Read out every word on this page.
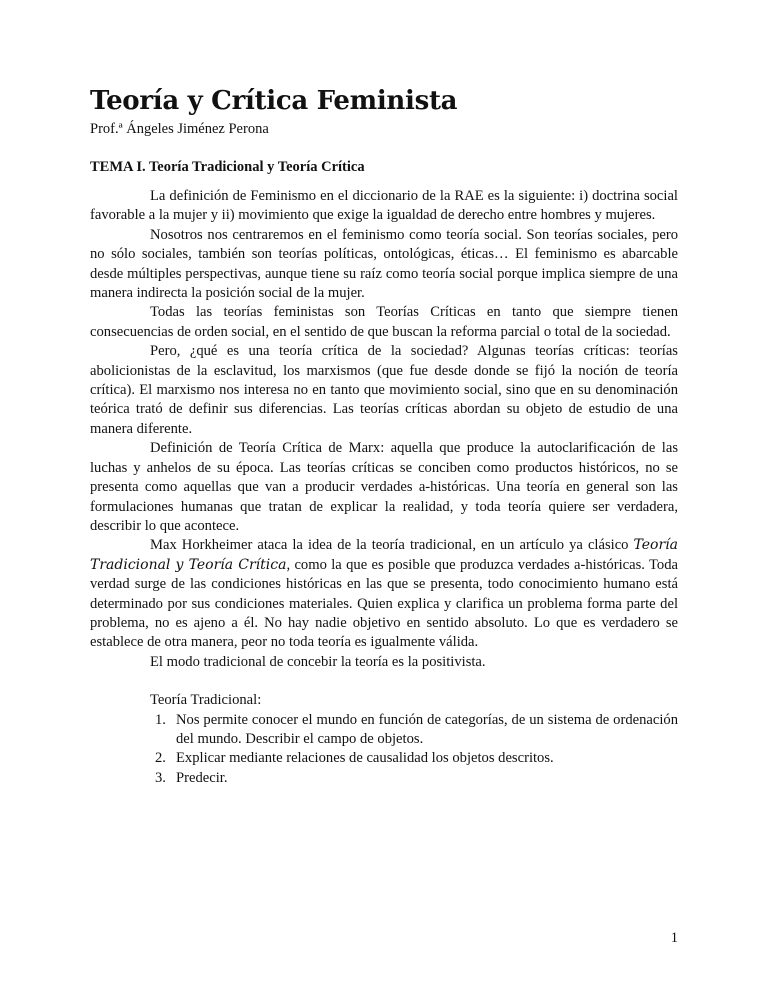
Teoría y Crítica Feminista

Prof.ª Ángeles Jiménez Perona

TEMA I. Teoría Tradicional y Teoría Crítica

La definición de Feminismo en el diccionario de la RAE es la siguiente: i) doctrina social favorable a la mujer y ii) movimiento que exige la igualdad de derecho entre hombres y mujeres.

Nosotros nos centraremos en el feminismo como teoría social. Son teorías sociales, pero no sólo sociales, también son teorías políticas, ontológicas, éticas… El feminismo es abarcable desde múltiples perspectivas, aunque tiene su raíz como teoría social porque implica siempre de una manera indirecta la posición social de la mujer.

Todas las teorías feministas son Teorías Críticas en tanto que siempre tienen consecuencias de orden social, en el sentido de que buscan la reforma parcial o total de la sociedad.

Pero, ¿qué es una teoría crítica de la sociedad? Algunas teorías críticas: teorías abolicionistas de la esclavitud, los marxismos (que fue desde donde se fijó la noción de teoría crítica). El marxismo nos interesa no en tanto que movimiento social, sino que en su denominación teórica trató de definir sus diferencias. Las teorías críticas abordan su objeto de estudio de una manera diferente.

Definición de Teoría Crítica de Marx: aquella que produce la autoclarificación de las luchas y anhelos de su época. Las teorías críticas se conciben como productos históricos, no se presenta como aquellas que van a producir verdades a-históricas. Una teoría en general son las formulaciones humanas que tratan de explicar la realidad, y toda teoría quiere ser verdadera, describir lo que acontece.

Max Horkheimer ataca la idea de la teoría tradicional, en un artículo ya clásico Teoría Tradicional y Teoría Crítica, como la que es posible que produzca verdades a-históricas. Toda verdad surge de las condiciones históricas en las que se presenta, todo conocimiento humano está determinado por sus condiciones materiales. Quien explica y clarifica un problema forma parte del problema, no es ajeno a él. No hay nadie objetivo en sentido absoluto. Lo que es verdadero se establece de otra manera, peor no toda teoría es igualmente válida.

El modo tradicional de concebir la teoría es la positivista.

Teoría Tradicional:

1. Nos permite conocer el mundo en función de categorías, de un sistema de ordenación del mundo. Describir el campo de objetos.
2. Explicar mediante relaciones de causalidad los objetos descritos.
3. Predecir.
1
